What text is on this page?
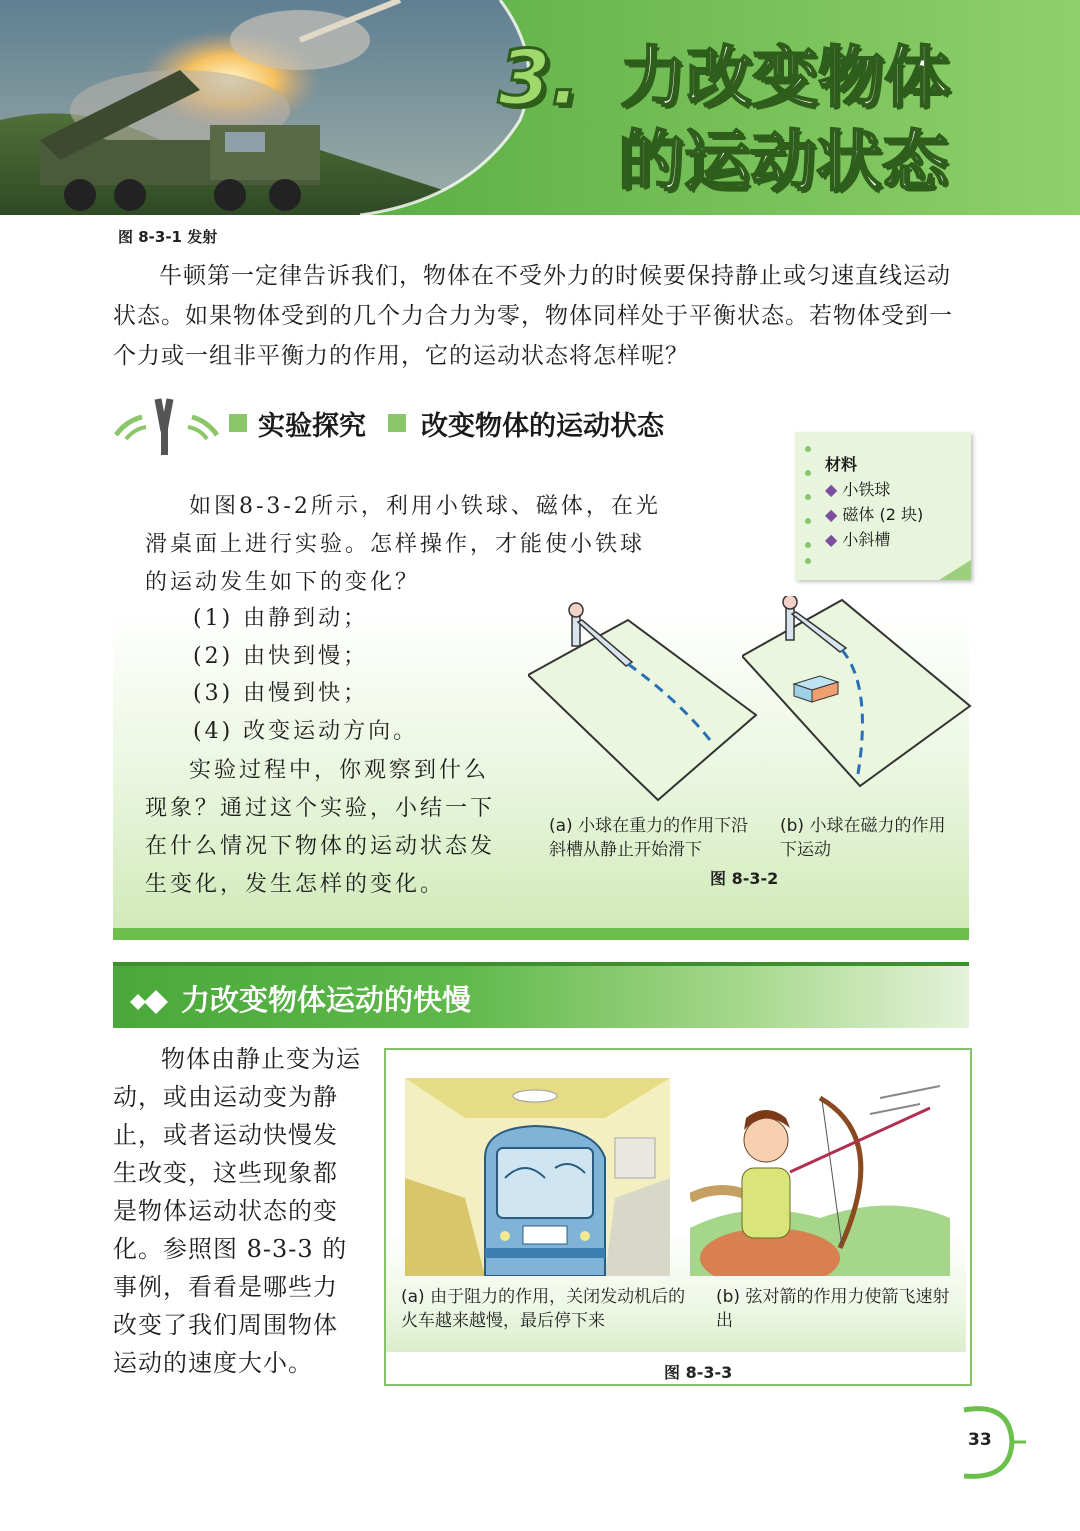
3. 力改变物体
的运动状态
图 8-3-1 发射
牛顿第一定律告诉我们，物体在不受外力的时候要保持静止或匀速直线运动状态。如果物体受到的几个力合力为零，物体同样处于平衡状态。若物体受到一个力或一组非平衡力的作用，它的运动状态将怎样呢？
实验探究 改变物体的运动状态
如图8-3-2所示，利用小铁球、磁体，在光滑桌面上进行实验。怎样操作，才能使小铁球的运动发生如下的变化？
(1) 由静到动；
(2) 由快到慢；
(3) 由慢到快；
(4) 改变运动方向。
实验过程中，你观察到什么现象？通过这个实验，小结一下在什么情况下物体的运动状态发生变化，发生怎样的变化。
材料
◆ 小铁球
◆ 磁体 (2 块)
◆ 小斜槽
(a) 小球在重力的作用下沿斜槽从静止开始滑下
(b) 小球在磁力的作用下运动
图 8-3-2
力改变物体运动的快慢
物体由静止变为运动，或由运动变为静止，或者运动快慢发生改变，这些现象都是物体运动状态的变化。参照图 8-3-3 的事例，看看是哪些力改变了我们周围物体运动的速度大小。
(a) 由于阻力的作用，关闭发动机后的火车越来越慢，最后停下来
(b) 弦对箭的作用力使箭飞速射出
图 8-3-3
33
